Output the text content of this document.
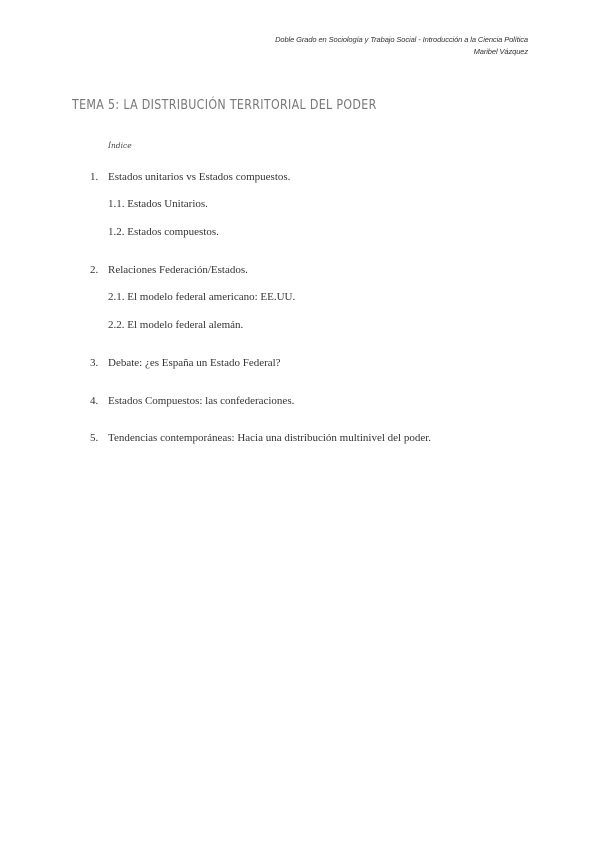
Doble Grado en Sociología y Trabajo Social - Introducción a la Ciencia Política
Maribel Vázquez
TEMA 5: LA DISTRIBUCIÓN TERRITORIAL DEL PODER
Índice
1. Estados unitarios vs Estados compuestos.
1.1. Estados Unitarios.
1.2. Estados compuestos.
2. Relaciones Federación/Estados.
2.1. El modelo federal americano: EE.UU.
2.2. El modelo federal alemán.
3. Debate: ¿es España un Estado Federal?
4. Estados Compuestos: las confederaciones.
5. Tendencias contemporáneas: Hacia una distribución multinivel del poder.
